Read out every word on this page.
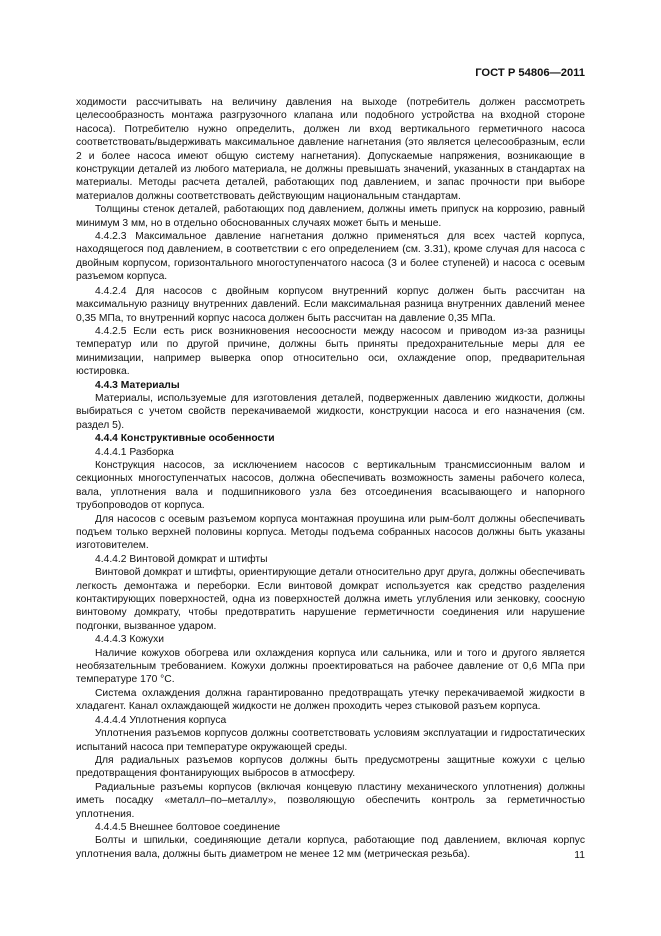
ГОСТ Р 54806—2011

ходимости рассчитывать на величину давления на выходе (потребитель должен рассмотреть целесообразность монтажа разгрузочного клапана или подобного устройства на входной стороне насоса). Потребителю нужно определить, должен ли вход вертикального герметичного насоса соответствовать/выдерживать максимальное давление нагнетания (это является целесообразным, если 2 и более насоса имеют общую систему нагнетания). Допускаемые напряжения, возникающие в конструкции деталей из любого материала, не должны превышать значений, указанных в стандартах на материалы. Методы расчета деталей, работающих под давлением, и запас прочности при выборе материалов должны соответствовать действующим национальным стандартам.

Толщины стенок деталей, работающих под давлением, должны иметь припуск на коррозию, равный минимум 3 мм, но в отдельно обоснованных случаях может быть и меньше.

4.4.2.3 Максимальное давление нагнетания должно применяться для всех частей корпуса, находящегося под давлением, в соответствии с его определением (см. 3.31), кроме случая для насоса с двойным корпусом, горизонтального многоступенчатого насоса (3 и более ступеней) и насоса с осевым разъемом корпуса.

4.4.2.4 Для насосов с двойным корпусом внутренний корпус должен быть рассчитан на максимальную разницу внутренних давлений. Если максимальная разница внутренних давлений менее 0,35 МПа, то внутренний корпус насоса должен быть рассчитан на давление 0,35 МПа.

4.4.2.5 Если есть риск возникновения несоосности между насосом и приводом из-за разницы температур или по другой причине, должны быть приняты предохранительные меры для ее минимизации, например выверка опор относительно оси, охлаждение опор, предварительная юстировка.

4.4.3 Материалы

Материалы, используемые для изготовления деталей, подверженных давлению жидкости, должны выбираться с учетом свойств перекачиваемой жидкости, конструкции насоса и его назначения (см. раздел 5).

4.4.4 Конструктивные особенности

4.4.4.1 Разборка

Конструкция насосов, за исключением насосов с вертикальным трансмиссионным валом и секционных многоступенчатых насосов, должна обеспечивать возможность замены рабочего колеса, вала, уплотнения вала и подшипникового узла без отсоединения всасывающего и напорного трубопроводов от корпуса.

Для насосов с осевым разъемом корпуса монтажная проушина или рым-болт должны обеспечивать подъем только верхней половины корпуса. Методы подъема собранных насосов должны быть указаны изготовителем.

4.4.4.2 Винтовой домкрат и штифты

Винтовой домкрат и штифты, ориентирующие детали относительно друг друга, должны обеспечивать легкость демонтажа и переборки. Если винтовой домкрат используется как средство разделения контактирующих поверхностей, одна из поверхностей должна иметь углубления или зенковку, соосную винтовому домкрату, чтобы предотвратить нарушение герметичности соединения или нарушение подгонки, вызванное ударом.

4.4.4.3 Кожухи

Наличие кожухов обогрева или охлаждения корпуса или сальника, или и того и другого является необязательным требованием. Кожухи должны проектироваться на рабочее давление от 0,6 МПа при температуре 170 °С.

Система охлаждения должна гарантированно предотвращать утечку перекачиваемой жидкости в хладагент. Канал охлаждающей жидкости не должен проходить через стыковой разъем корпуса.

4.4.4.4 Уплотнения корпуса

Уплотнения разъемов корпусов должны соответствовать условиям эксплуатации и гидростатических испытаний насоса при температуре окружающей среды.

Для радиальных разъемов корпусов должны быть предусмотрены защитные кожухи с целью предотвращения фонтанирующих выбросов в атмосферу.

Радиальные разъемы корпусов (включая концевую пластину механического уплотнения) должны иметь посадку «металл–по–металлу», позволяющую обеспечить контроль за герметичностью уплотнения.

4.4.4.5 Внешнее болтовое соединение

Болты и шпильки, соединяющие детали корпуса, работающие под давлением, включая корпус уплотнения вала, должны быть диаметром не менее 12 мм (метрическая резьба).	11
